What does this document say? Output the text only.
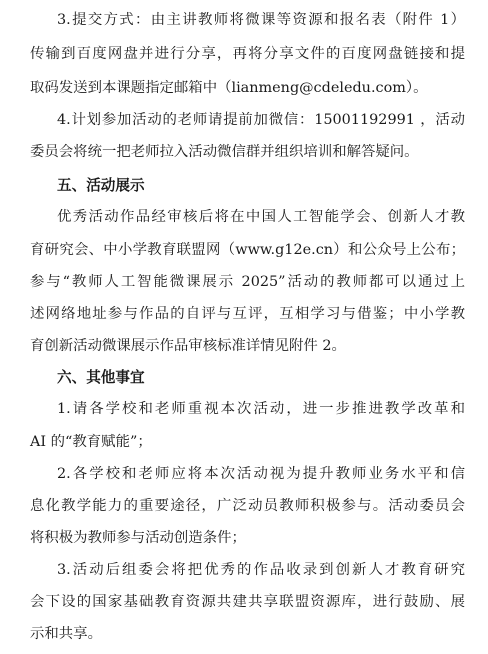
3.提交方式：由主讲教师将微课等资源和报名表（附件 1）
传输到百度网盘并进行分享，再将分享文件的百度网盘链接和提
取码发送到本课题指定邮箱中（lianmeng@cdeledu.com）。
4.计划参加活动的老师请提前加微信：15001192991 ，活动
委员会将统一把老师拉入活动微信群并组织培训和解答疑问。
五、活动展示
优秀活动作品经审核后将在中国人工智能学会、创新人才教
育研究会、中小学教育联盟网（www.g12e.cn）和公众号上公布；
参与“教师人工智能微课展示 2025”活动的教师都可以通过上
述网络地址参与作品的自评与互评，互相学习与借鉴；中小学教
育创新活动微课展示作品审核标准详情见附件 2。
六、其他事宜
1.请各学校和老师重视本次活动，进一步推进教学改革和
AI 的“教育赋能”；
2.各学校和老师应将本次活动视为提升教师业务水平和信
息化教学能力的重要途径，广泛动员教师积极参与。活动委员会
将积极为教师参与活动创造条件；
3.活动后组委会将把优秀的作品收录到创新人才教育研究
会下设的国家基础教育资源共建共享联盟资源库，进行鼓励、展
示和共享。
